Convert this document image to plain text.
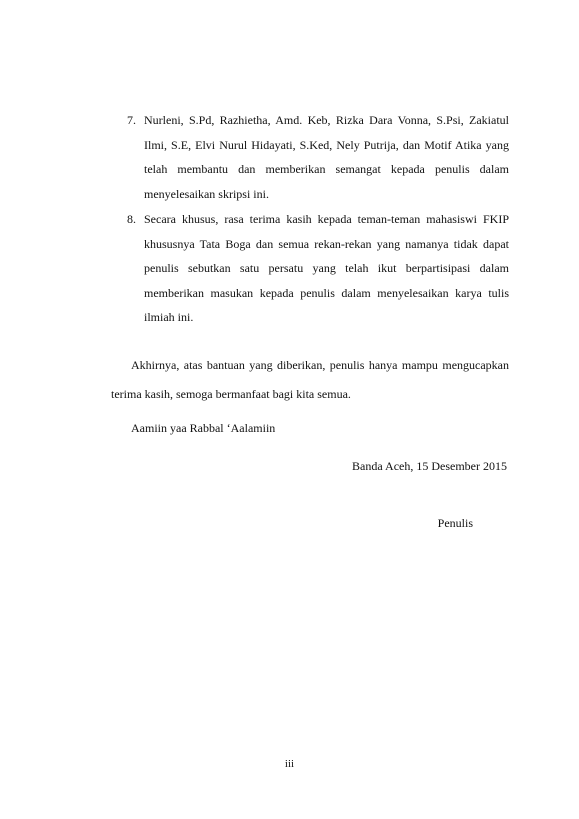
7. Nurleni, S.Pd, Razhietha, Amd. Keb, Rizka Dara Vonna, S.Psi, Zakiatul Ilmi, S.E, Elvi Nurul Hidayati, S.Ked, Nely Putrija, dan Motif Atika yang telah membantu dan memberikan semangat kepada penulis dalam menyelesaikan skripsi ini.
8. Secara khusus, rasa terima kasih kepada teman-teman mahasiswi FKIP khususnya Tata Boga dan semua rekan-rekan yang namanya tidak dapat penulis sebutkan satu persatu yang telah ikut berpartisipasi dalam memberikan masukan kepada penulis dalam menyelesaikan karya tulis ilmiah ini.

Akhirnya, atas bantuan yang diberikan, penulis hanya mampu mengucapkan terima kasih, semoga bermanfaat bagi kita semua.

Aamiin yaa Rabbal ‘Aalamiin
Banda Aceh, 15 Desember 2015
Penulis
iii
